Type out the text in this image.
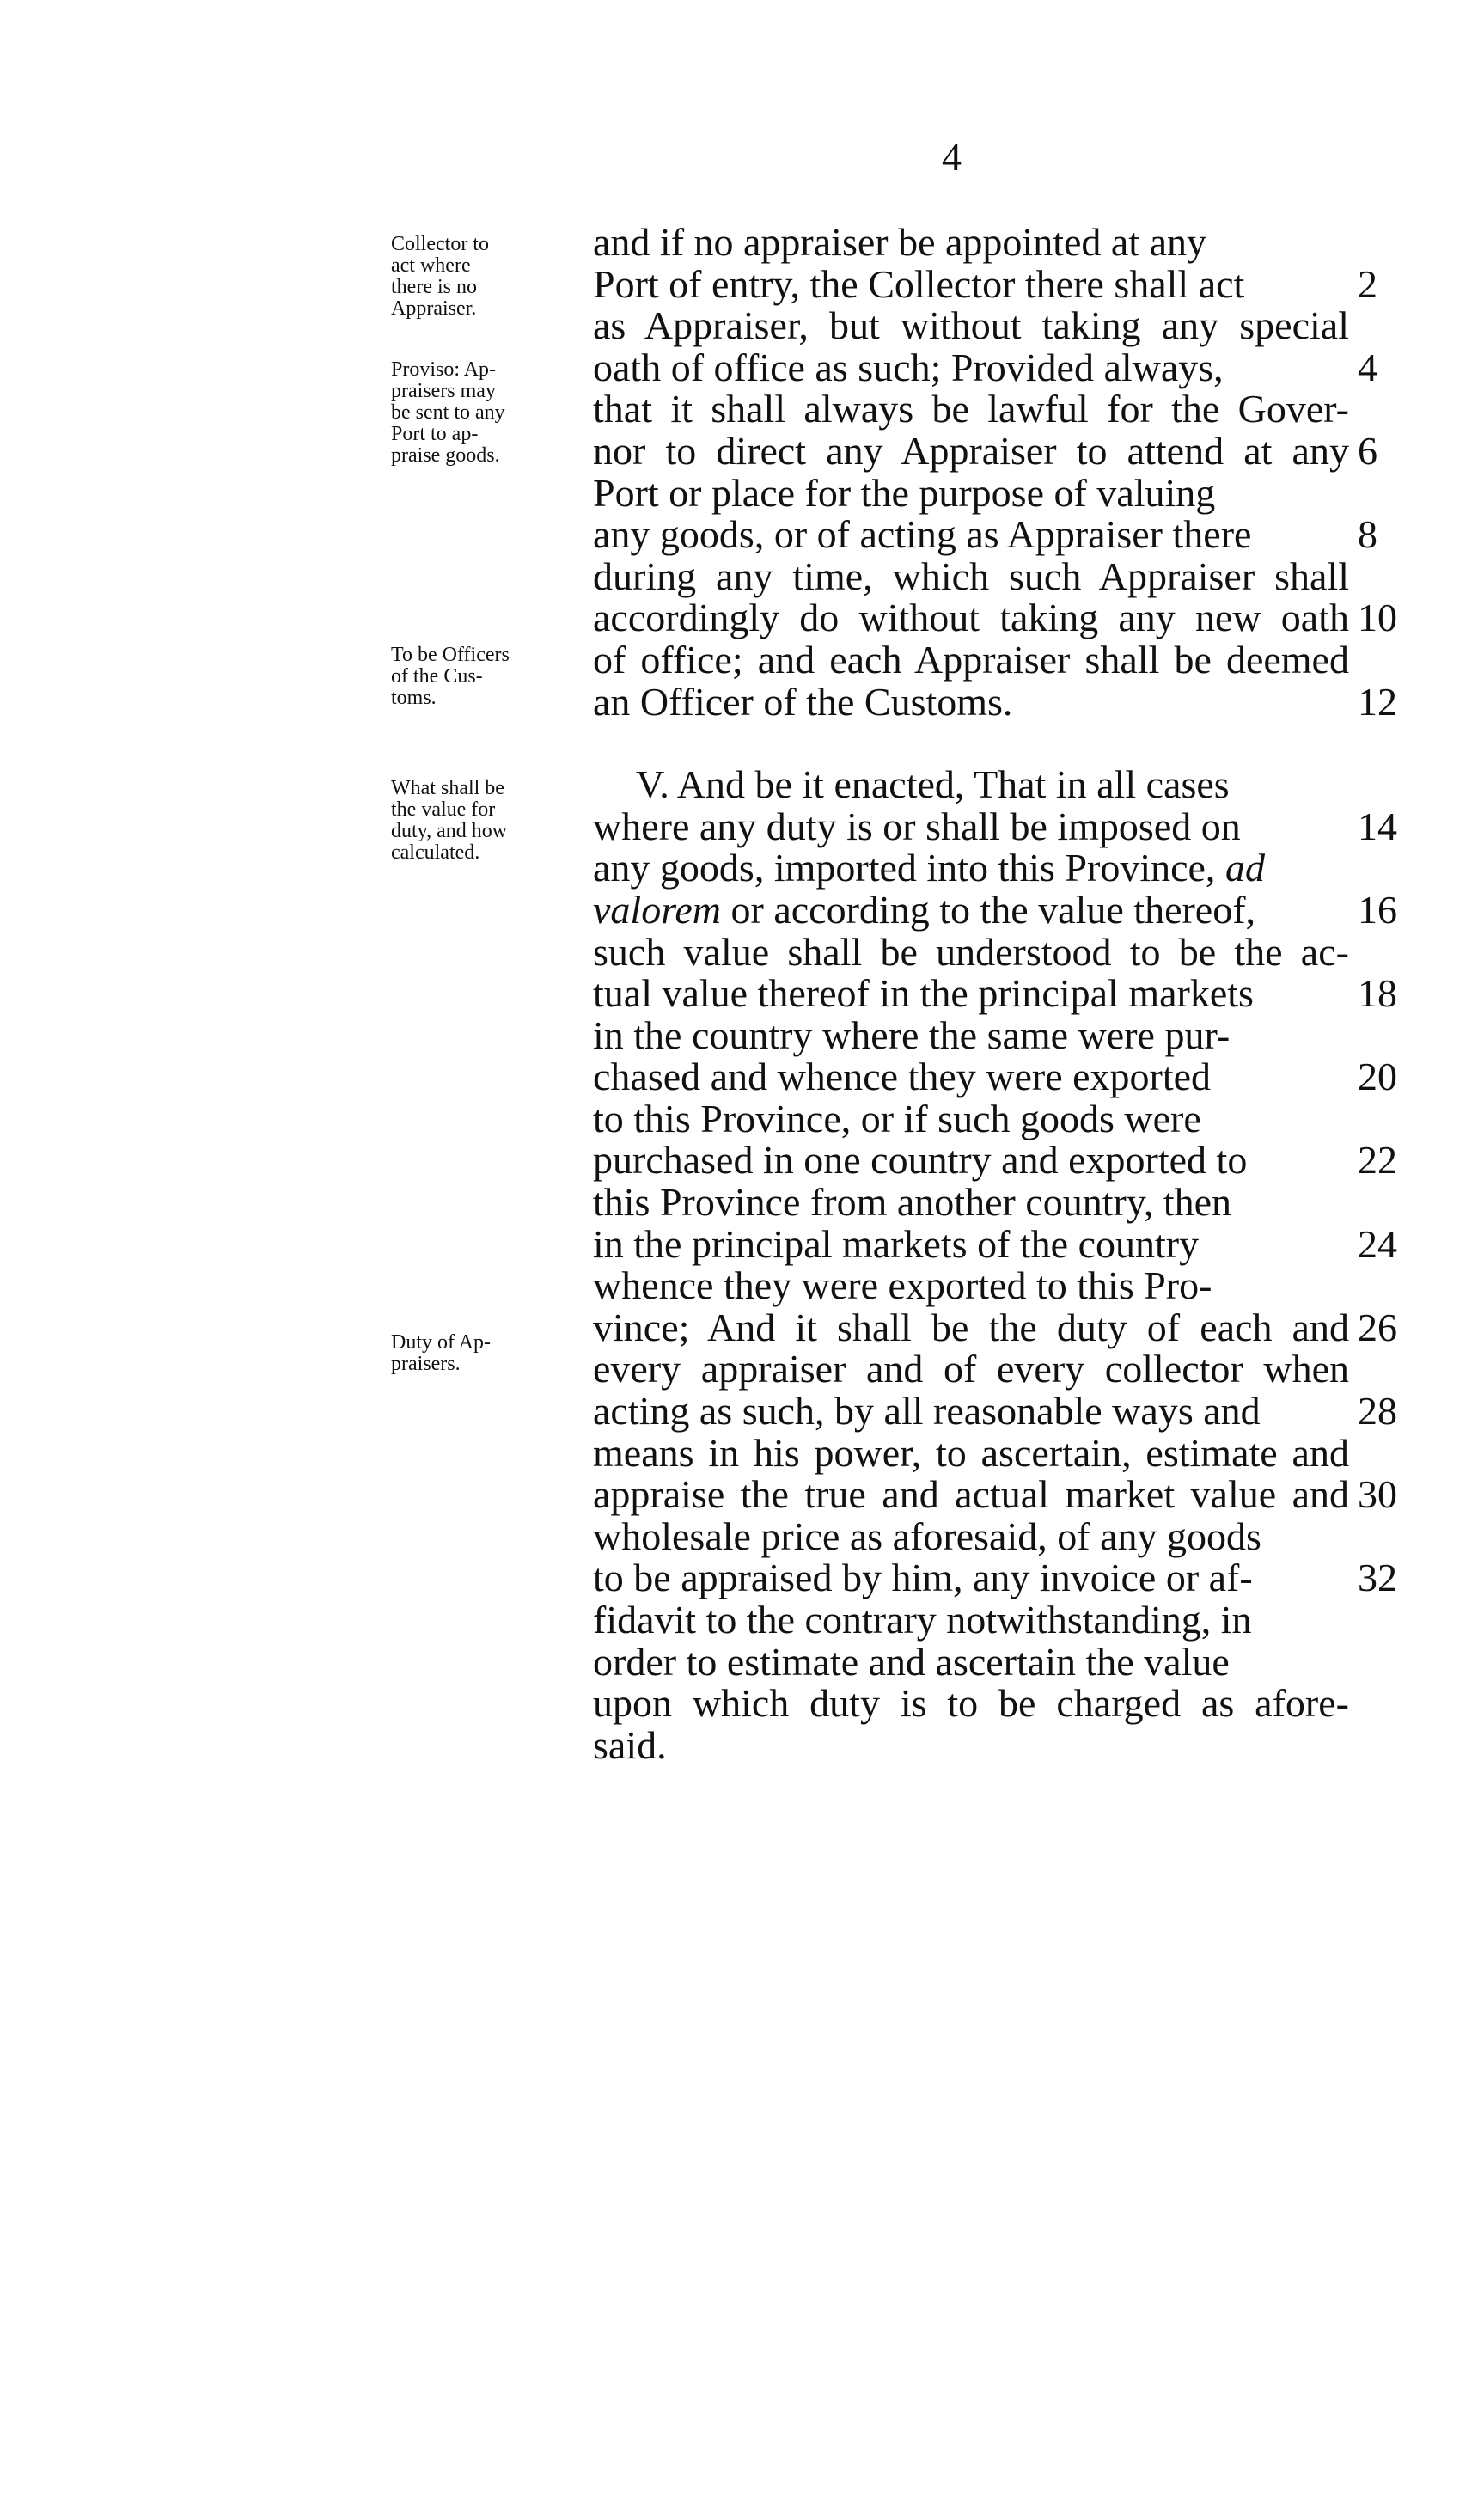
4
Collector to
act where
there is no
Appraiser.
Proviso: Ap-
praisers may
be sent to any
Port to ap-
praise goods.
To be Officers
of the Cus-
toms.
What shall be
the value for
duty, and how
calculated.
Duty of Ap-
praisers.
and if no appraiser be appointed at any
Port of entry, the Collector there shall act	2
as Appraiser, but without taking any special
oath of office as such; Provided always,	4
that it shall always be lawful for the Gover-
nor to direct any Appraiser to attend at any 6
Port or place for the purpose of valuing
any goods, or of acting as Appraiser there	8
during any time, which such Appraiser shall
accordingly do without taking any new oath 10
of office; and each Appraiser shall be deemed
an Officer of the Customs.	12
V. And be it enacted, That in all cases
where any duty is or shall be imposed on	14
any goods, imported into this Province, ad
valorem or according to the value thereof,	16
such value shall be understood to be the ac-
tual value thereof in the principal markets	18
in the country where the same were pur-
chased and whence they were exported	20
to this Province, or if such goods were
purchased in one country and exported to	22
this Province from another country, then
in the principal markets of the country	24
whence they were exported to this Pro-
vince; And it shall be the duty of each and 26
every appraiser and of every collector when
acting as such, by all reasonable ways and 28
means in his power, to ascertain, estimate and
appraise the true and actual market value and 30
wholesale price as aforesaid, of any goods
to be appraised by him, any invoice or af-	32
fidavit to the contrary notwithstanding, in
order to estimate and ascertain the value
upon which duty is to be charged as afore-
said.
